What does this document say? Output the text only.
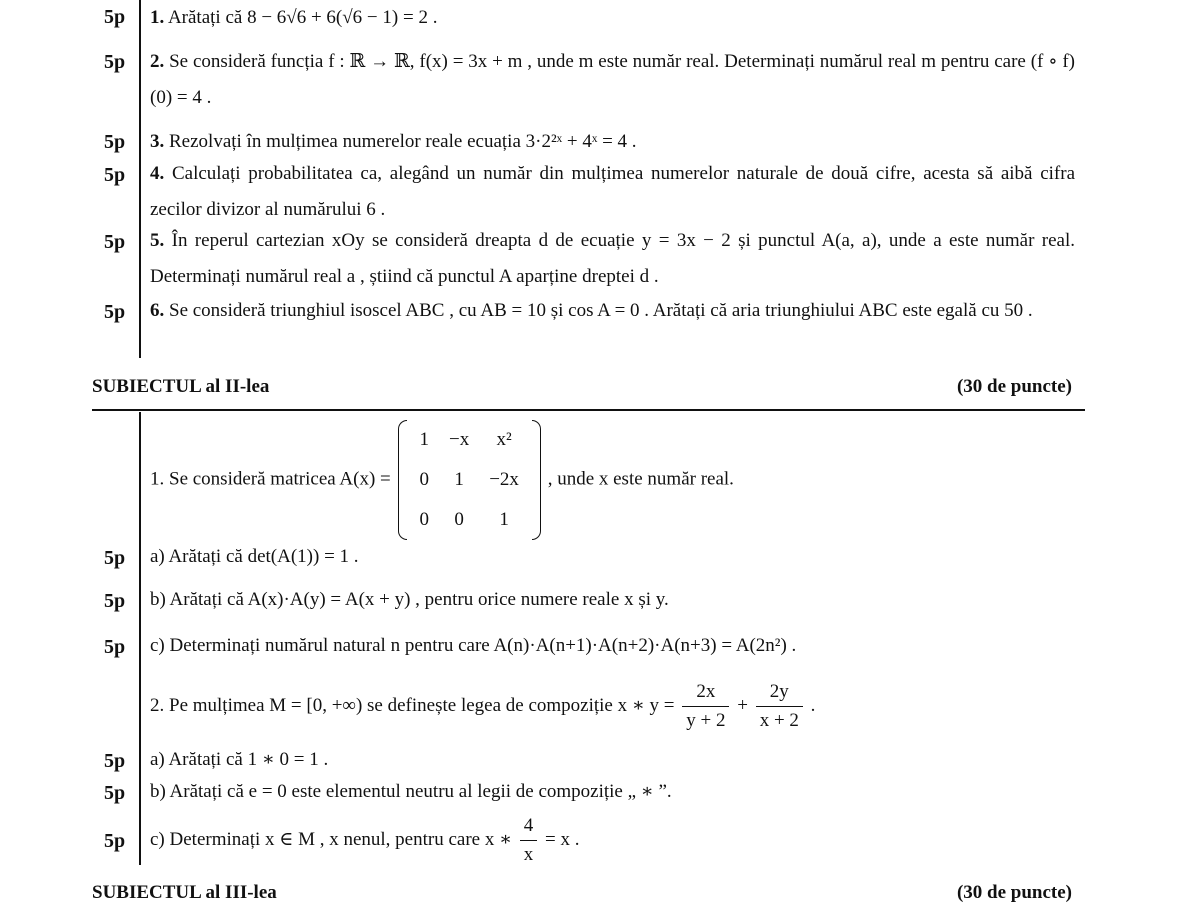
5p 1. Arătați că 8 − 6√6 + 6(√6 − 1) = 2 .
5p 2. Se consideră funcția f : ℝ → ℝ, f(x) = 3x + m , unde m este număr real. Determinați numărul real m pentru care (f ∘ f)(0) = 4 .
5p 3. Rezolvați în mulțimea numerelor reale ecuația 3·2²ˣ + 4ˣ = 4 .
5p 4. Calculați probabilitatea ca, alegând un număr din mulțimea numerelor naturale de două cifre, acesta să aibă cifra zecilor divizor al numărului 6 .
5p 5. În reperul cartezian xOy se consideră dreapta d de ecuație y = 3x − 2 și punctul A(a, a), unde a este număr real. Determinați numărul real a , știind că punctul A aparține dreptei d .
5p 6. Se consideră triunghiul isoscel ABC , cu AB = 10 și cos A = 0 . Arătați că aria triunghiului ABC este egală cu 50 .
SUBIECTUL al II-lea	(30 de puncte)
1. Se consideră matricea A(x) =
1	−x	x²
0	1	−2x
0	0	1
, unde x este număr real.
5p a) Arătați că det(A(1)) = 1 .
5p b) Arătați că A(x)·A(y) = A(x + y) , pentru orice numere reale x și y.
5p c) Determinați numărul natural n pentru care A(n)·A(n+1)·A(n+2)·A(n+3) = A(2n²) .
2. Pe mulțimea M = [0, +∞) se definește legea de compoziție x ∗ $y = \frac{2x}{y + 2} + \frac{2y}{x + 2}$ .
5p a) Arătați că 1 ∗ 0 = 1 .
5p b) Arătați că e = 0 este elementul neutru al legii de compoziție „ ∗ ”.
5p c) Determinați x ∈ M , x nenul, pentru care x ∗ $\frac{4}{x} = x$ .
SUBIECTUL al III-lea	(30 de puncte)
